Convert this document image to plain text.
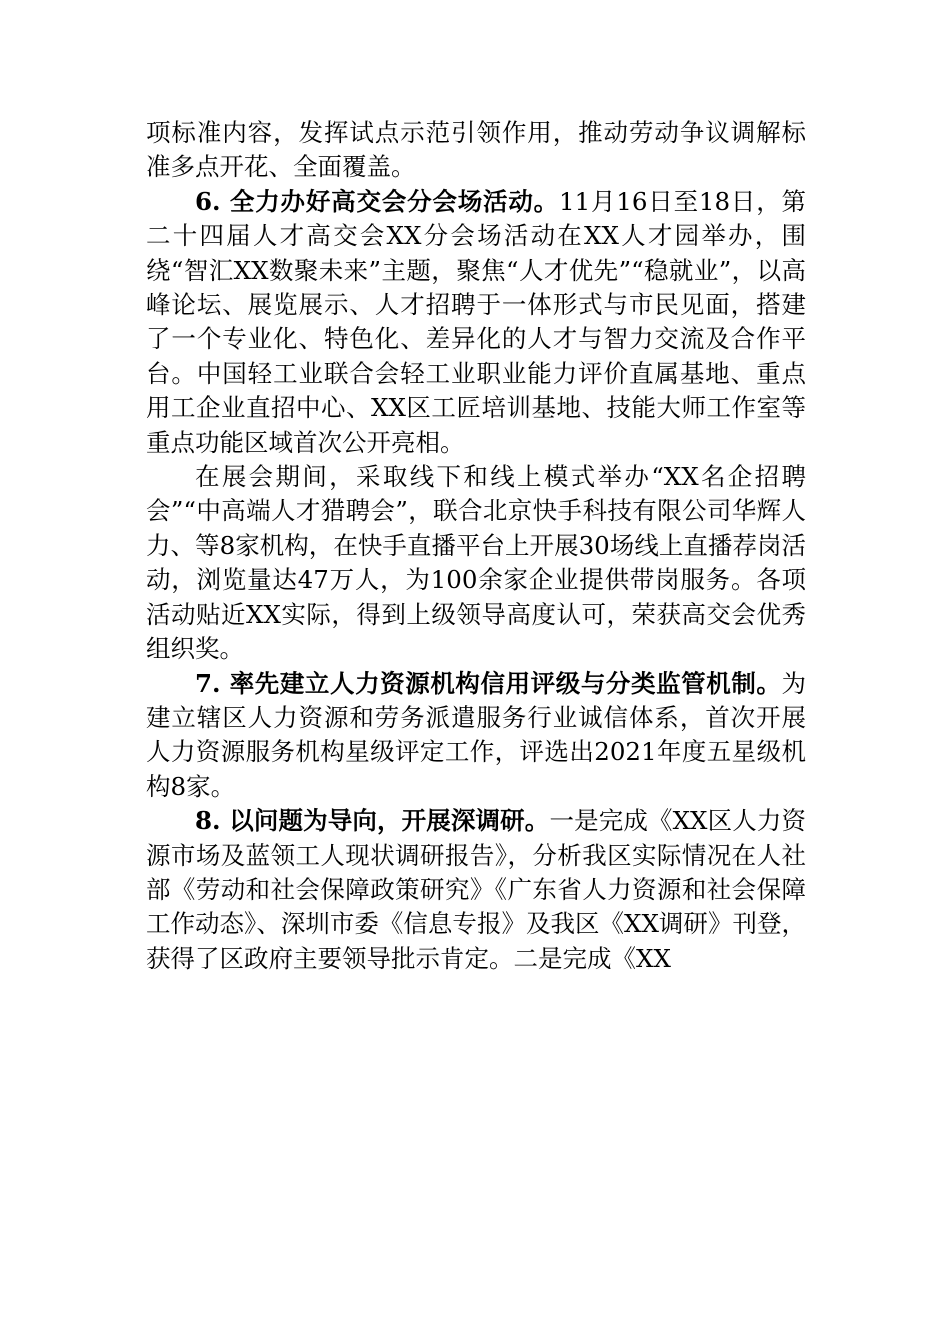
项标准内容，发挥试点示范引领作用，推动劳动争议调解标准多点开花、全面覆盖。

6. 全力办好高交会分会场活动。11月16日至18日，第二十四届人才高交会XX分会场活动在XX人才园举办，围绕“智汇XX数聚未来”主题，聚焦“人才优先”“稳就业”，以高峰论坛、展览展示、人才招聘于一体形式与市民见面，搭建了一个专业化、特色化、差异化的人才与智力交流及合作平台。中国轻工业联合会轻工业职业能力评价直属基地、重点用工企业直招中心、XX区工匠培训基地、技能大师工作室等重点功能区域首次公开亮相。

在展会期间，采取线下和线上模式举办“XX名企招聘会”“中高端人才猎聘会”，联合北京快手科技有限公司华辉人力、等8家机构，在快手直播平台上开展30场线上直播荐岗活动，浏览量达47万人，为100余家企业提供带岗服务。各项活动贴近XX实际，得到上级领导高度认可，荣获高交会优秀组织奖。

7. 率先建立人力资源机构信用评级与分类监管机制。为建立辖区人力资源和劳务派遣服务行业诚信体系，首次开展人力资源服务机构星级评定工作，评选出2021年度五星级机构8家。

8. 以问题为导向，开展深调研。一是完成《XX区人力资源市场及蓝领工人现状调研报告》，分析我区实际情况在人社部《劳动和社会保障政策研究》《广东省人力资源和社会保障工作动态》、深圳市委《信息专报》及我区《XX调研》刊登，获得了区政府主要领导批示肯定。二是完成《XX
